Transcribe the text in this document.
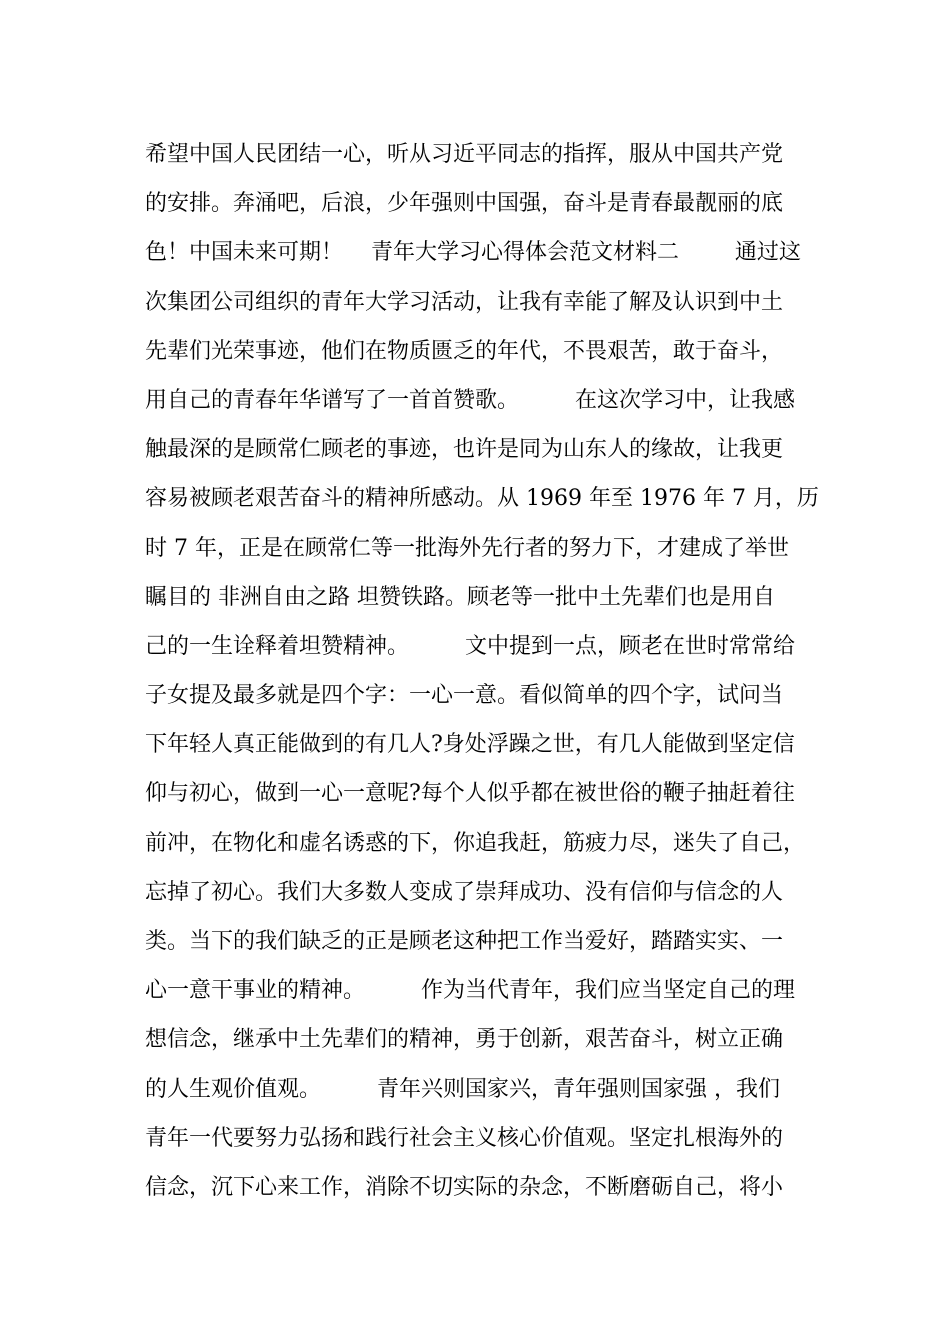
希望中国人民团结一心，听从习近平同志的指挥，服从中国共产党
的安排。奔涌吧，后浪，少年强则中国强，奋斗是青春最靓丽的底
色！中国未来可期！    青年大学习心得体会范文材料二        通过这
次集团公司组织的青年大学习活动，让我有幸能了解及认识到中土
先辈们光荣事迹，他们在物质匮乏的年代，不畏艰苦，敢于奋斗，
用自己的青春年华谱写了一首首赞歌。        在这次学习中，让我感
触最深的是顾常仁顾老的事迹，也许是同为山东人的缘故，让我更
容易被顾老艰苦奋斗的精神所感动。从 1969 年至 1976 年 7 月，历
时 7 年，正是在顾常仁等一批海外先行者的努力下，才建成了举世
瞩目的 非洲自由之路 坦赞铁路。顾老等一批中土先辈们也是用自
己的一生诠释着坦赞精神。        文中提到一点，顾老在世时常常给
子女提及最多就是四个字：一心一意。看似简单的四个字，试问当
下年轻人真正能做到的有几人?身处浮躁之世，有几人能做到坚定信
仰与初心，做到一心一意呢?每个人似乎都在被世俗的鞭子抽赶着往
前冲，在物化和虚名诱惑的下，你追我赶，筋疲力尽，迷失了自己，
忘掉了初心。我们大多数人变成了崇拜成功、没有信仰与信念的人
类。当下的我们缺乏的正是顾老这种把工作当爱好，踏踏实实、一
心一意干事业的精神。        作为当代青年，我们应当坚定自己的理
想信念，继承中土先辈们的精神，勇于创新，艰苦奋斗，树立正确
的人生观价值观。        青年兴则国家兴，青年强则国家强 ，我们
青年一代要努力弘扬和践行社会主义核心价值观。坚定扎根海外的
信念，沉下心来工作，消除不切实际的杂念，不断磨砺自己，将小
